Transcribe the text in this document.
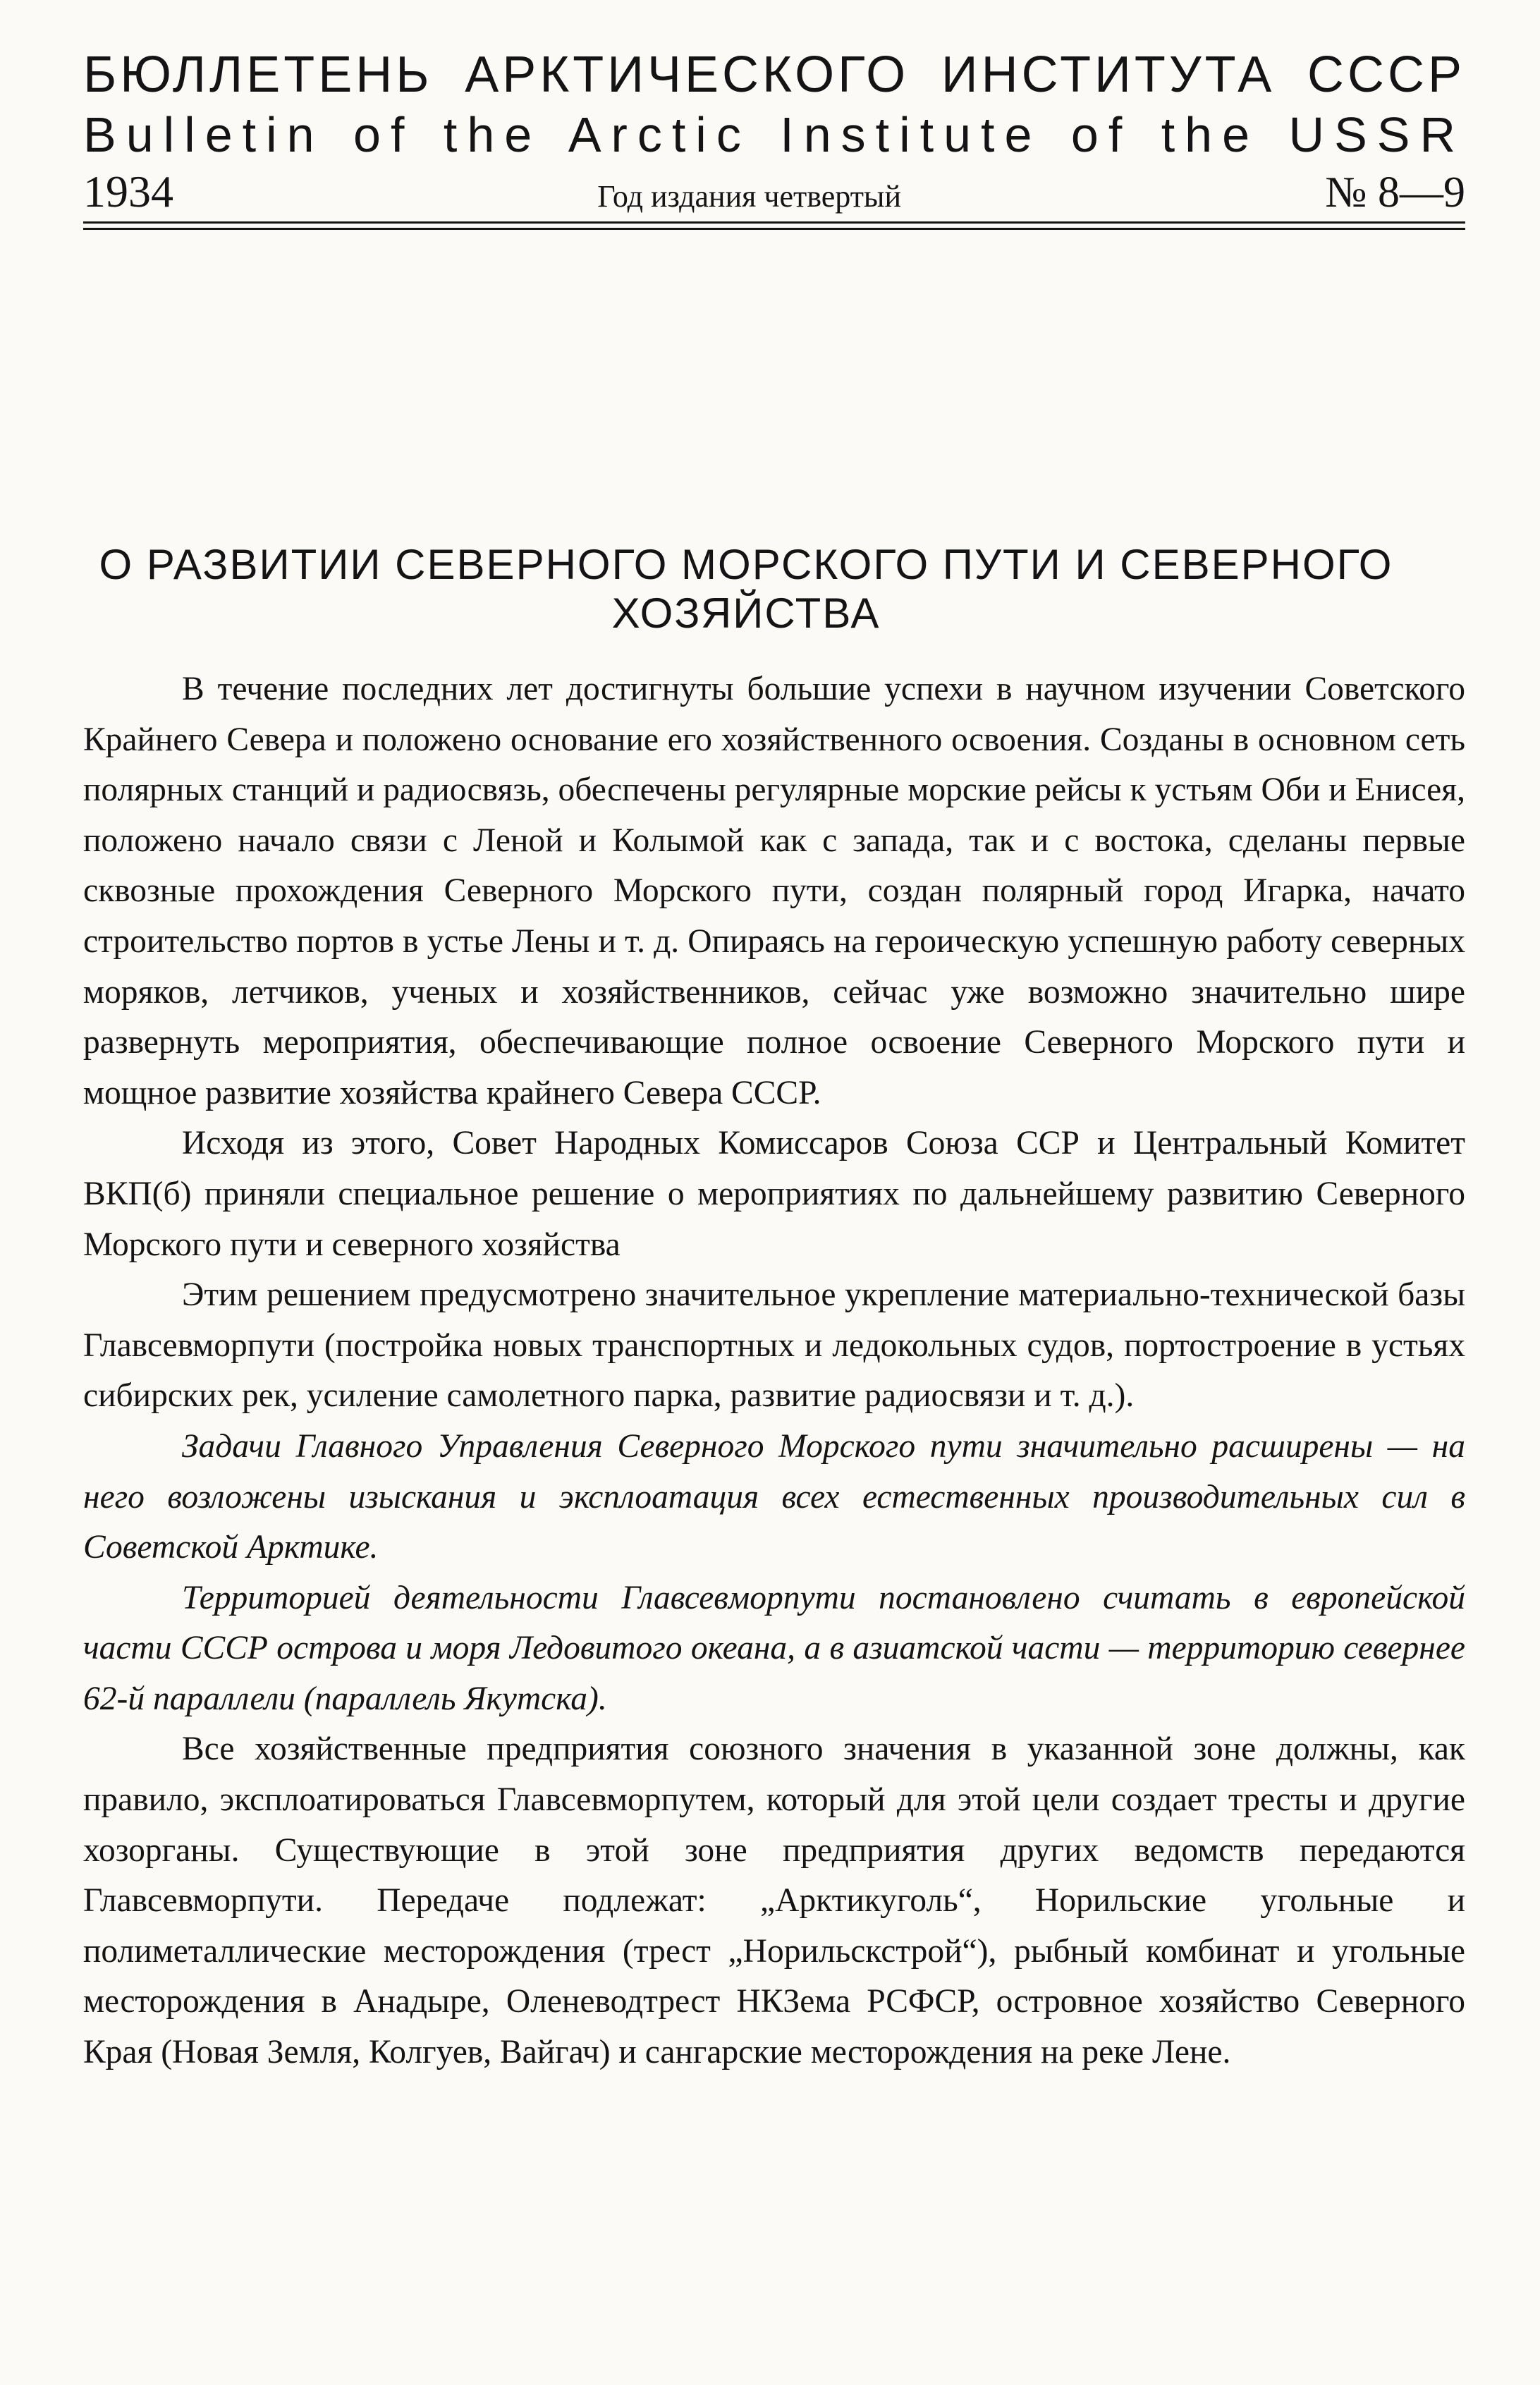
БЮЛЛЕТЕНЬ АРКТИЧЕСКОГО ИНСТИТУТА СССР
Bulletin of the Arctic Institute of the USSR
1934	Год издания четвертый	№ 8—9
О РАЗВИТИИ СЕВЕРНОГО МОРСКОГО ПУТИ И СЕВЕРНОГО ХОЗЯЙСТВА

В течение последних лет достигнуты большие успехи в научном изучении Советского Крайнего Севера и положено основание его хозяйственного освоения. Созданы в основном сеть полярных станций и радиосвязь, обеспечены регулярные морские рейсы к устьям Оби и Енисея, положено начало связи с Леной и Колымой как с запада, так и с востока, сделаны первые сквозные прохождения Северного Морского пути, создан полярный город Игарка, начато строительство портов в устье Лены и т. д. Опираясь на героическую успешную работу северных моряков, летчиков, ученых и хозяйственников, сейчас уже возможно значительно шире развернуть мероприятия, обеспечивающие полное освоение Северного Морского пути и мощное развитие хозяйства крайнего Севера СССР.

Исходя из этого, Совет Народных Комиссаров Союза ССР и Центральный Комитет ВКП(б) приняли специальное решение о мероприятиях по дальнейшему развитию Северного Морского пути и северного хозяйства

Этим решением предусмотрено значительное укрепление материально-технической базы Главсевморпути (постройка новых транспортных и ледокольных судов, портостроение в устьях сибирских рек, усиление самолетного парка, развитие радиосвязи и т. д.).

Задачи Главного Управления Северного Морского пути значительно расширены — на него возложены изыскания и эксплоатация всех естественных производительных сил в Советской Арктике.

Территорией деятельности Главсевморпути постановлено считать в европейской части СССР острова и моря Ледовитого океана, а в азиатской части — территорию севернее 62-й параллели (параллель Якутска).

Все хозяйственные предприятия союзного значения в указанной зоне должны, как правило, эксплоатироваться Главсевморпутем, который для этой цели создает тресты и другие хозорганы. Существующие в этой зоне предприятия других ведомств передаются Главсевморпути. Передаче подлежат: „Арктикуголь“, Норильские угольные и полиметаллические месторождения (трест „Норильскстрой“), рыбный комбинат и угольные месторождения в Анадыре, Оленеводтрест НКЗема РСФСР, островное хозяйство Северного Края (Новая Земля, Колгуев, Вайгач) и сангарские месторождения на реке Лене.
